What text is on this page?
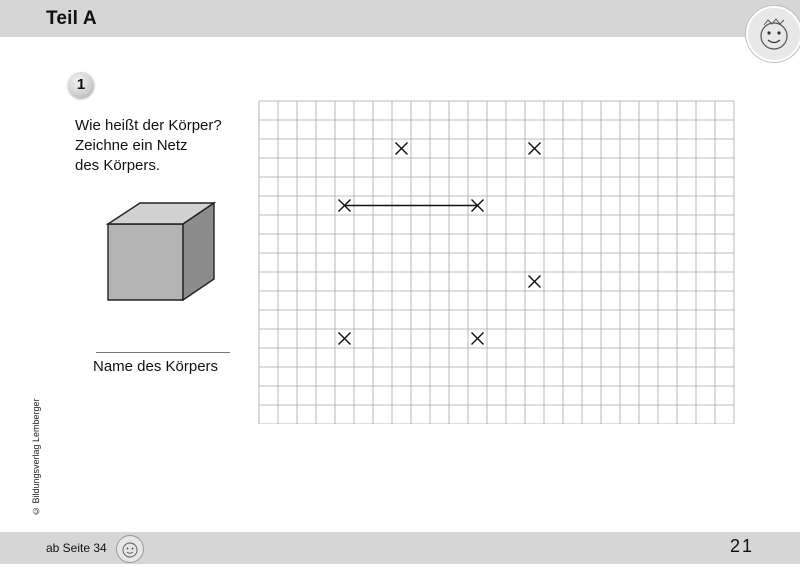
Teil A
1
Wie heißt der Körper?
Zeichne ein Netz
des Körpers.
Name des Körpers
© Bildungsverlag Lemberger
ab Seite 34	21
